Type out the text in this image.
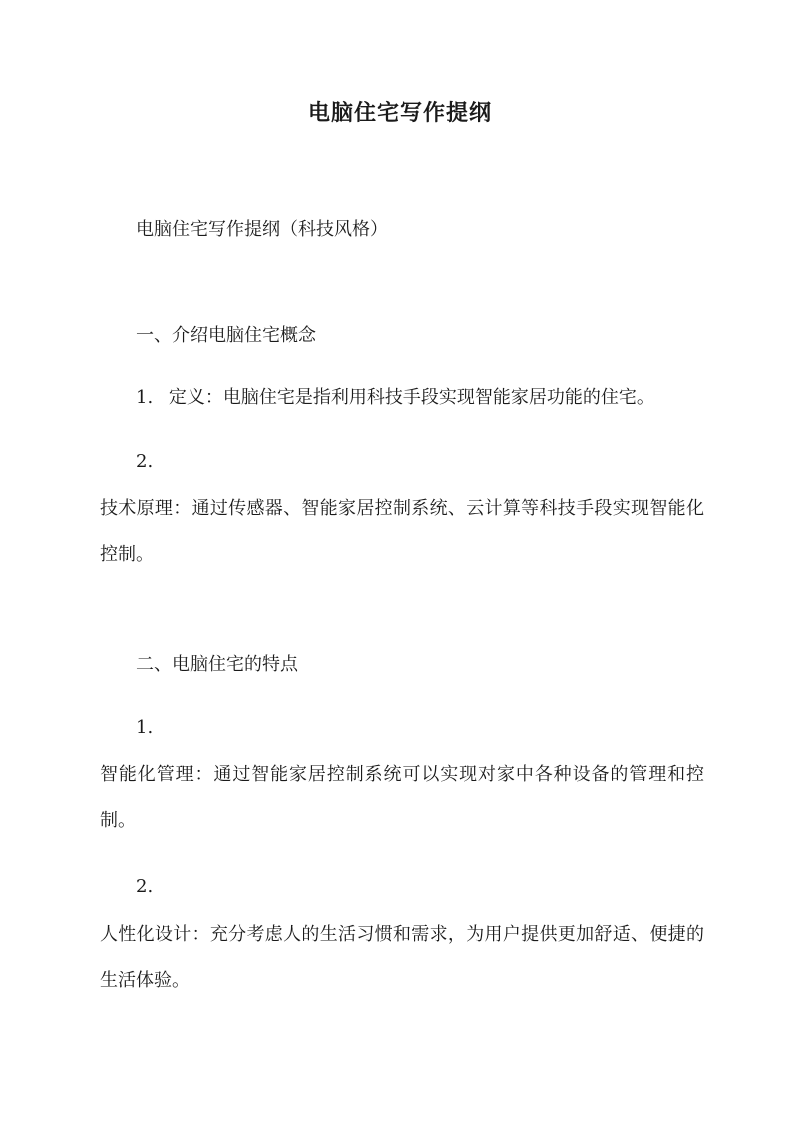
电脑住宅写作提纲
电脑住宅写作提纲（科技风格）
一、介绍电脑住宅概念
1. 定义：电脑住宅是指利用科技手段实现智能家居功能的住宅。
2.
技术原理：通过传感器、智能家居控制系统、云计算等科技手段实现智能化控制。
二、电脑住宅的特点
1.
智能化管理：通过智能家居控制系统可以实现对家中各种设备的管理和控制。
2.
人性化设计：充分考虑人的生活习惯和需求，为用户提供更加舒适、便捷的生活体验。
